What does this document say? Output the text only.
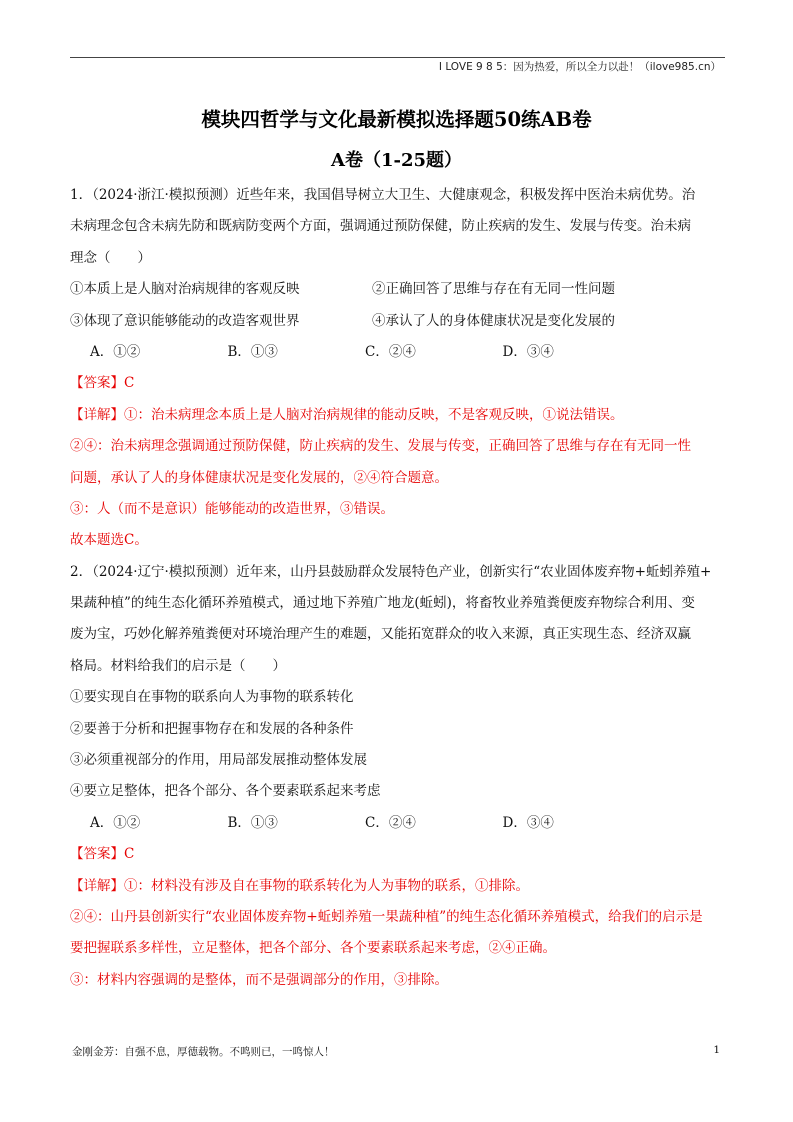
I LOVE 9 8 5：因为热爱，所以全力以赴！（ilove985.cn）
模块四哲学与文化最新模拟选择题50练AB卷
A卷（1-25题）
1．（2024·浙江·模拟预测）近些年来，我国倡导树立大卫生、大健康观念，积极发挥中医治未病优势。治
未病理念包含未病先防和既病防变两个方面，强调通过预防保健，防止疾病的发生、发展与传变。治未病
理念（　　）
①本质上是人脑对治病规律的客观反映	②正确回答了思维与存在有无同一性问题
③体现了意识能够能动的改造客观世界	④承认了人的身体健康状况是变化发展的
A．①②	B．①③	C．②④	D．③④
【答案】C
【详解】①：治未病理念本质上是人脑对治病规律的能动反映，不是客观反映，①说法错误。
②④：治未病理念强调通过预防保健，防止疾病的发生、发展与传变，正确回答了思维与存在有无同一性
问题，承认了人的身体健康状况是变化发展的，②④符合题意。
③：人（而不是意识）能够能动的改造世界，③错误。
故本题选C。
2．（2024·辽宁·模拟预测）近年来，山丹县鼓励群众发展特色产业，创新实行“农业固体废弃物+蚯蚓养殖+
果蔬种植”的纯生态化循环养殖模式，通过地下养殖广地龙(蚯蚓)，将畜牧业养殖粪便废弃物综合利用、变
废为宝，巧妙化解养殖粪便对环境治理产生的难题，又能拓宽群众的收入来源，真正实现生态、经济双赢
格局。材料给我们的启示是（　　）
①要实现自在事物的联系向人为事物的联系转化
②要善于分析和把握事物存在和发展的各种条件
③必须重视部分的作用，用局部发展推动整体发展
④要立足整体，把各个部分、各个要素联系起来考虑
A．①②	B．①③	C．②④	D．③④
【答案】C
【详解】①：材料没有涉及自在事物的联系转化为人为事物的联系，①排除。
②④：山丹县创新实行“农业固体废弃物+蚯蚓养殖一果蔬种植”的纯生态化循环养殖模式，给我们的启示是
要把握联系多样性，立足整体，把各个部分、各个要素联系起来考虑，②④正确。
③：材料内容强调的是整体，而不是强调部分的作用，③排除。
金刚金芳：自强不息，厚德载物。不鸣则已，一鸣惊人！	1
